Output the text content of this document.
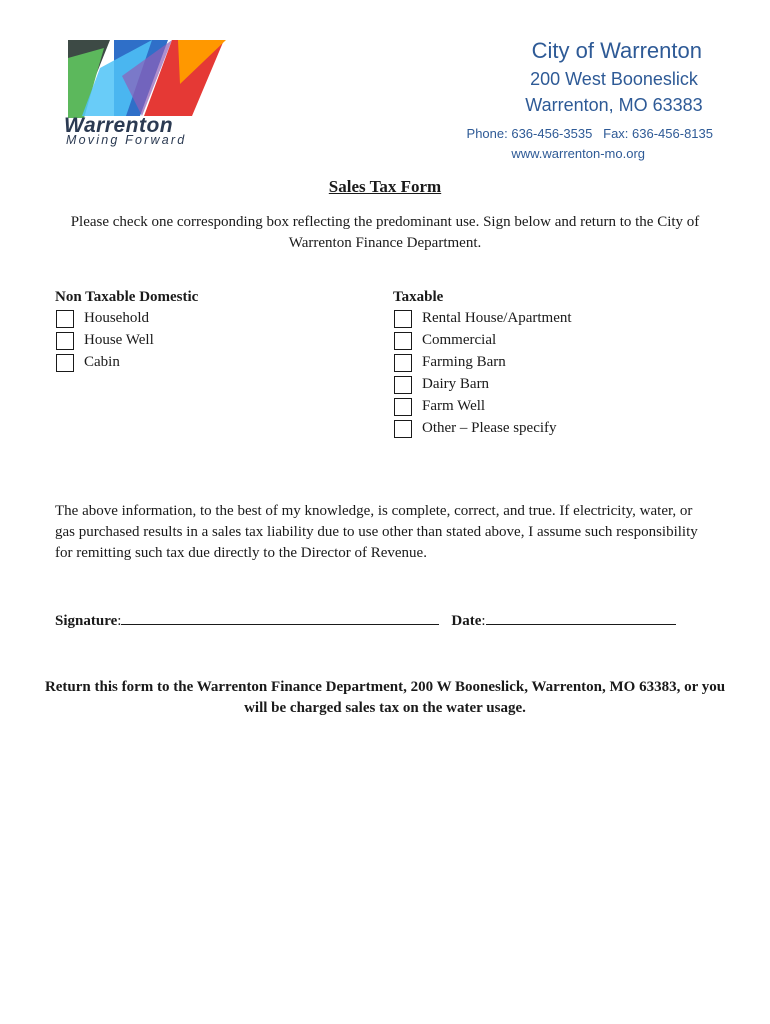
Warrenton
Moving Forward
City of Warrenton
200 West Booneslick
Warrenton, MO 63383
Phone: 636-456-3535   Fax: 636-456-8135
www.warrenton-mo.org
Sales Tax Form
Please check one corresponding box reflecting the predominant use. Sign below and return to the City of Warrenton Finance Department.
Non Taxable Domestic
Household
House Well
Cabin
Taxable
Rental House/Apartment
Commercial
Farming Barn
Dairy Barn
Farm Well
Other – Please specify
The above information, to the best of my knowledge, is complete, correct, and true. If electricity, water, or gas purchased results in a sales tax liability due to use other than stated above, I assume such responsibility for remitting such tax due directly to the Director of Revenue.
Signature :	Date :
Return this form to the Warrenton Finance Department, 200 W Booneslick, Warrenton, MO 63383, or you will be charged sales tax on the water usage.
